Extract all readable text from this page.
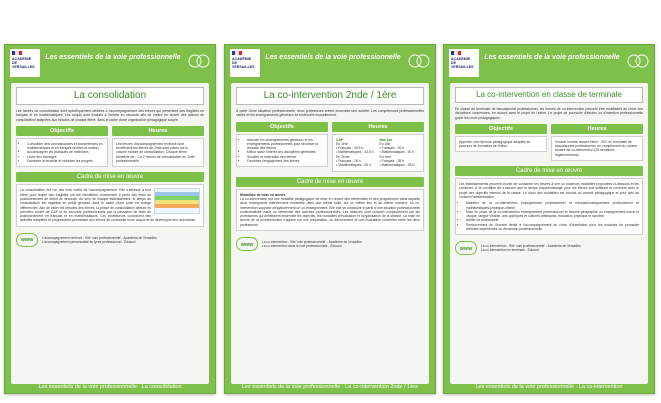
ACADÉMIE
DE VERSAILLES
Les essentiels de la voie professionnelle
La consolidation
Les heures de consolidation sont spécifiquement dédiées à l'accompagnement des élèves qui présentent des fragilités en français et en mathématiques. Les acquis sont évalués à l'entrée en seconde afin de mettre en œuvre des actions de consolidation adaptées aux besoins de chaque élève, dans le cadre d'une organisation pédagogique souple.
Objectifs
• Consolider des connaissances et compétences en mathématiques et en français (écrites et orales)
• Accompagner les pratiques de méthodes
• Lever des blocages
• Favoriser la réussite et valoriser les progrès
Heures
Les heures d'accompagnement renforcé dont bénéficient les élèves de 2nde sont prises sur le volume horaire de consolidation. Chaque élève bénéficie de : 1 à 2 heures de consolidation en 2nde professionnelle.
Cadre de mise en œuvre
La consolidation est l'un des trois volets de l'accompagnement. Elle s'adresse à tout élève pour lequel des fragilités ont été identifiées, notamment à partir des tests de positionnement de début de seconde. Au sein de chaque établissement, le temps de consolidation est organisé en petits groupes dans le cadre d'une prise en charge différenciée. Afin de cibler les besoins des élèves, la phase de consolidation débute en première année de CAP et en seconde professionnelle par la passation de tests de positionnement en français et en mathématiques. Les professeurs conçoivent des activités adaptées et progressives permettant aux élèves de consolider leurs acquis et de développer leur autonomie.
WWW	L'accompagnement renforcé - Site 'voie professionnelle' - Académie de Versailles
L'accompagnement personnalisé au lycée professionnel - Éduscol
Les essentiels de la voie professionnelle · La consolidation
ACADÉMIE
DE VERSAILLES
Les essentiels de la voie professionnelle
La co-intervention 2nde / 1ère
À partir d'une situation professionnelle, deux professeurs créent ensemble une activité. Les compétences professionnelles visées et les enseignements généraux se renforcent mutuellement.
Objectifs
• Articuler les enseignements généraux et les enseignements professionnels pour favoriser la réussite des élèves
• Mieux saisir l'intérêt des disciplines générales
• Susciter la motivation des élèves
• Favoriser l'engagement des élèves
Heures
CAP
En 1ère
• Français : 43,5 h
• Mathématiques : 43,5 h
En 2ème
• Français : 26 h
• Mathématiques : 26 h
Bac pro
En 2de
• Français : 30 h
• Mathématiques : 30 h
En 1ère
• Français : 28 h
• Mathématiques : 28 h
Cadre de mise en œuvre
Modalités de mise en œuvre
La co-intervention est une modalité pédagogique de mise en œuvre des référentiels et des programmes dans laquelle deux enseignants interviennent ensemble dans une même salle, sur un même lieu et au même moment. La co-intervention suppose obligatoirement un co-enseignement. Elle doit se construire à partir d'une situation professionnelle contextualisée issue du référentiel des activités professionnelles. Les séances sont conçues conjointement par les professeurs qui définissent ensemble les objectifs, les modalités d'évaluation et l'organisation de la séance. La mise en œuvre de la co-intervention s'appuie sur une préparation, un déroulement et une évaluation concertés entre les deux professeurs.
WWW	La co-intervention - Site 'voie professionnelle' - Académie de Versailles
La co-intervention dans la voie professionnelle - Éduscol
Les essentiels de la voie professionnelle · La co-intervention 2nde / 1ère
ACADÉMIE
DE VERSAILLES
Les essentiels de la voie professionnelle
La co-intervention en classe de terminale
En classe de terminale de baccalauréat professionnel, les heures de co-intervention peuvent être mobilisées au choix des disciplines concernées, en accord avec le projet de l'élève. Le projet de poursuite d'études ou d'insertion professionnelle guide les choix pédagogiques.
Objectifs
Apporter une réponse pédagogique adaptée au parcours de formation de l'élève.
Heures
Volume horaire annuel élève : 39 h en terminale de baccalauréat professionnel, en complément du volume horaire de co-intervention (26 semaines réglementaires).
Cadre de mise en œuvre
Les établissements peuvent choisir de consacrer les heures à une ou plusieurs modalités proposées ci-dessous et les combiner. À la condition de s'assurer que le temps d'apprentissage pour les élèves soit suffisant et cohérent avec le projet des objectifs retenus de la classe. Le choix des modalités est soumis au conseil pédagogique et pour avis au conseil d'administration.
• Maintien de la co-intervention enseignement professionnel et français/enseignement professionnel et mathématiques-physique-chimie
• Mise en place de la co-intervention enseignement professionnel et histoire-géographie ou enseignement moral et civique, langue vivante, arts appliqués et cultures artistiques, éducation physique et sportive
• Atelier de philosophie
• Renforcement de l'horaire dédié à l'accompagnement au choix d'orientation pour les modules de poursuite d'études supérieures ou d'insertion professionnelle
WWW	La co-intervention - Site 'voie professionnelle' - Académie de Versailles
La co-intervention en terminale - Éduscol
Les essentiels de la voie professionnelle · La co-intervention
